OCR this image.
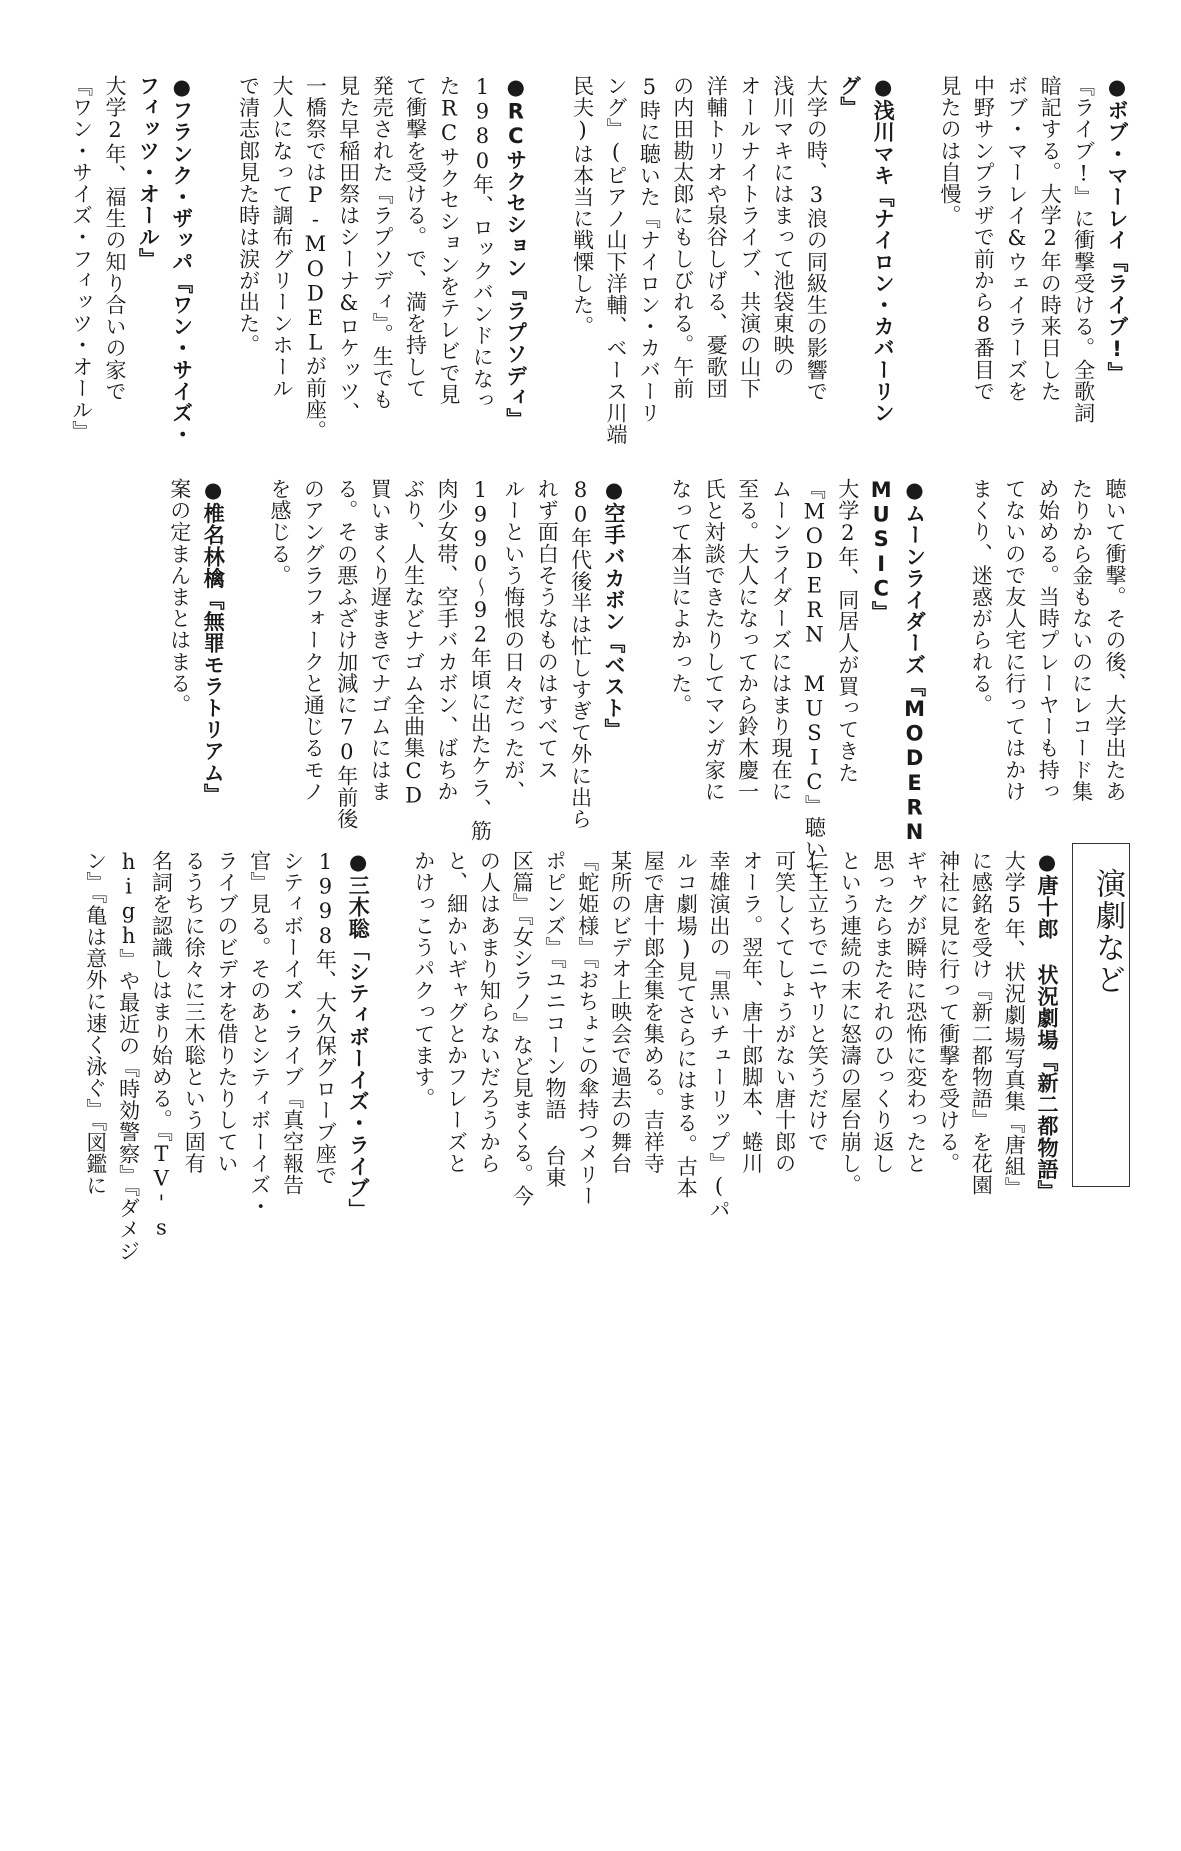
●ボブ・マーレイ『ライブ!』
『ライブ!』に衝撃受ける。全歌詞
暗記する。大学2年の時来日した
ボブ・マーレイ&ウェイラーズを
中野サンプラザで前から8番目で
見たのは自慢。
●浅川マキ『ナイロン・カバーリン
グ』
大学の時、3浪の同級生の影響で
浅川マキにはまって池袋東映の
オールナイトライブ、共演の山下
洋輔トリオや泉谷しげる、憂歌団
の内田勘太郎にもしびれる。午前
5時に聴いた『ナイロン・カバーリ
ング』(ピアノ山下洋輔、ベース川端
民夫)は本当に戦慄した。
●RCサクセション『ラプソディ』
1980年、ロックバンドになっ
たRCサクセションをテレビで見
て衝撃を受ける。で、満を持して
発売された『ラプソディ』。生でも
見た早稲田祭はシーナ&ロケッツ、
一橋祭ではP-MODELが前座。
大人になって調布グリーンホール
で清志郎見た時は涙が出た。
●フランク・ザッパ『ワン・サイズ・
フィッツ・オール』
大学2年、福生の知り合いの家で
『ワン・サイズ・フィッツ・オール』
聴いて衝撃。その後、大学出たあ
たりから金もないのにレコード集
め始める。当時プレーヤーも持っ
てないので友人宅に行ってはかけ
まくり、迷惑がられる。
●ムーンライダーズ『MODERN
MUSIC』
大学2年、同居人が買ってきた
『MODERN MUSIC』聴いて
ムーンライダーズにはまり現在に
至る。大人になってから鈴木慶一
氏と対談できたりしてマンガ家に
なって本当によかった。
●空手バカボン『ベスト』
80年代後半は忙しすぎて外に出ら
れず面白そうなものはすべてス
ルーという悔恨の日々だったが、
1990〜92年頃に出たケラ、筋
肉少女帯、空手バカボン、ばちか
ぶり、人生などナゴム全曲集CD
買いまくり遅まきでナゴムにはま
る。その悪ふざけ加減に70年前後
のアングラフォークと通じるモノ
を感じる。
●椎名林檎『無罪モラトリアム』
案の定まんまとはまる。
●唐十郎 状況劇場『新二都物語』
大学5年、状況劇場写真集『唐組』
に感銘を受け『新二都物語』を花園
神社に見に行って衝撃を受ける。
ギャグが瞬時に恐怖に変わったと
思ったらまたそれのひっくり返し
という連続の末に怒濤の屋台崩し。
仁王立ちでニヤリと笑うだけで
可笑しくてしょうがない唐十郎の
オーラ。翌年、唐十郎脚本、蜷川
幸雄演出の『黒いチューリップ』(パ
ルコ劇場)見てさらにはまる。古本
屋で唐十郎全集を集める。吉祥寺
某所のビデオ上映会で過去の舞台
『蛇姫様』『おちょこの傘持つメリー
ポピンズ』『ユニコーン物語 台東
区篇』『女シラノ』など見まくる。今
の人はあまり知らないだろうから
と、細かいギャグとかフレーズと
かけっこうパクってます。
●三木聡「シティボーイズ・ライブ」
1998年、大久保グローブ座で
シティボーイズ・ライブ『真空報告
官』見る。そのあとシティボーイズ・
ライブのビデオを借りたりしてい
るうちに徐々に三木聡という固有
名詞を認識しはまり始める。『TV's
high』や最近の『時効警察』『ダメジ
ン』『亀は意外に速く泳ぐ』『図鑑に	演劇など
